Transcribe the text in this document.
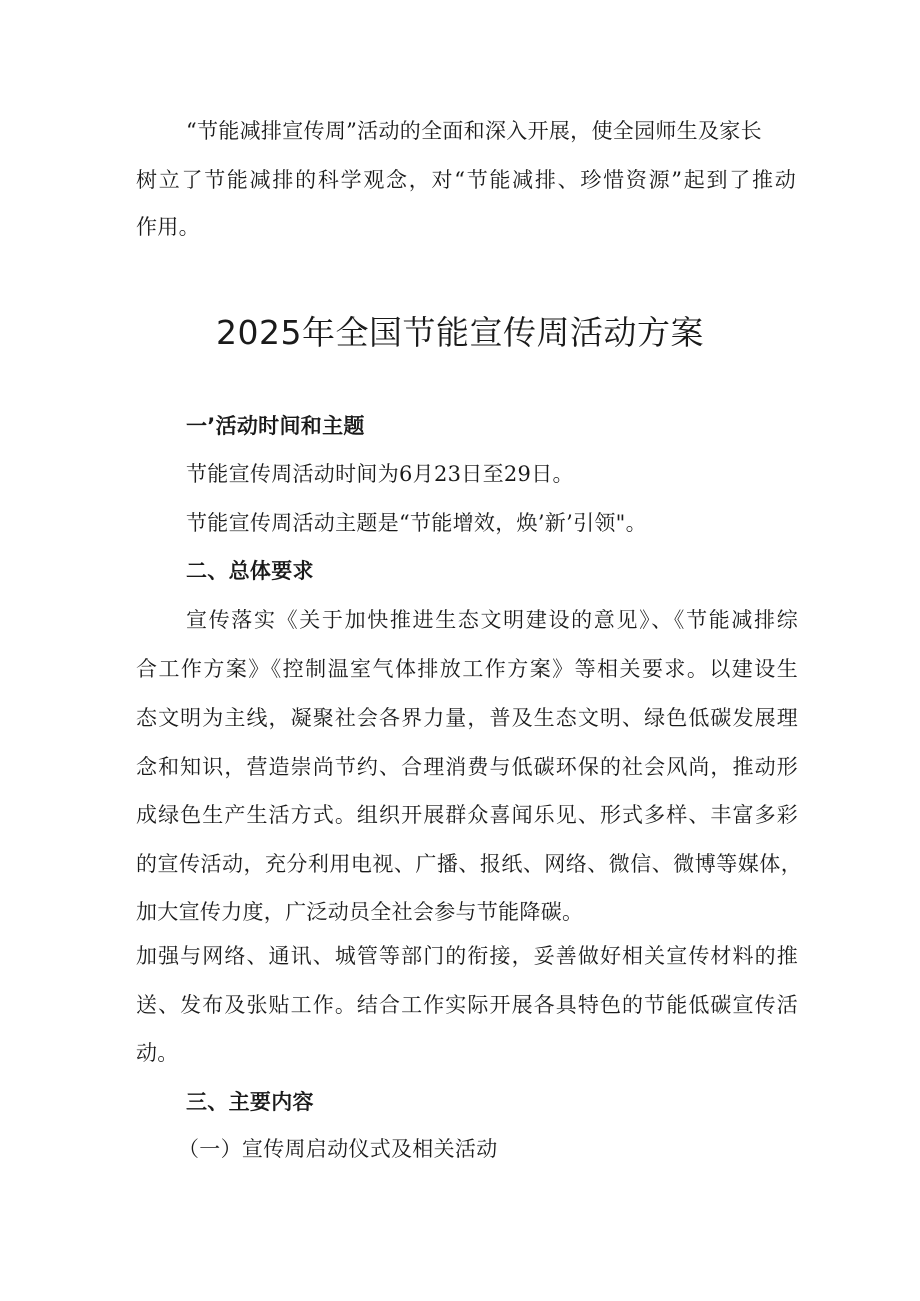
“节能减排宣传周”活动的全面和深入开展，使全园师生及家长
树立了节能减排的科学观念，对“节能减排、珍惜资源”起到了推动
作用。
2025年全国节能宣传周活动方案
一’活动时间和主题
节能宣传周活动时间为6月23日至29日。
节能宣传周活动主题是“节能增效，焕’新’引领"。
二、总体要求
宣传落实《关于加快推进生态文明建设的意见》、《节能减排综
合工作方案》《控制温室气体排放工作方案》等相关要求。以建设生
态文明为主线，凝聚社会各界力量，普及生态文明、绿色低碳发展理
念和知识，营造崇尚节约、合理消费与低碳环保的社会风尚，推动形
成绿色生产生活方式。组织开展群众喜闻乐见、形式多样、丰富多彩
的宣传活动，充分利用电视、广播、报纸、网络、微信、微博等媒体，
加大宣传力度，广泛动员全社会参与节能降碳。
加强与网络、通讯、城管等部门的衔接，妥善做好相关宣传材料的推
送、发布及张贴工作。结合工作实际开展各具特色的节能低碳宣传活
动。
三、主要内容
（一）宣传周启动仪式及相关活动
